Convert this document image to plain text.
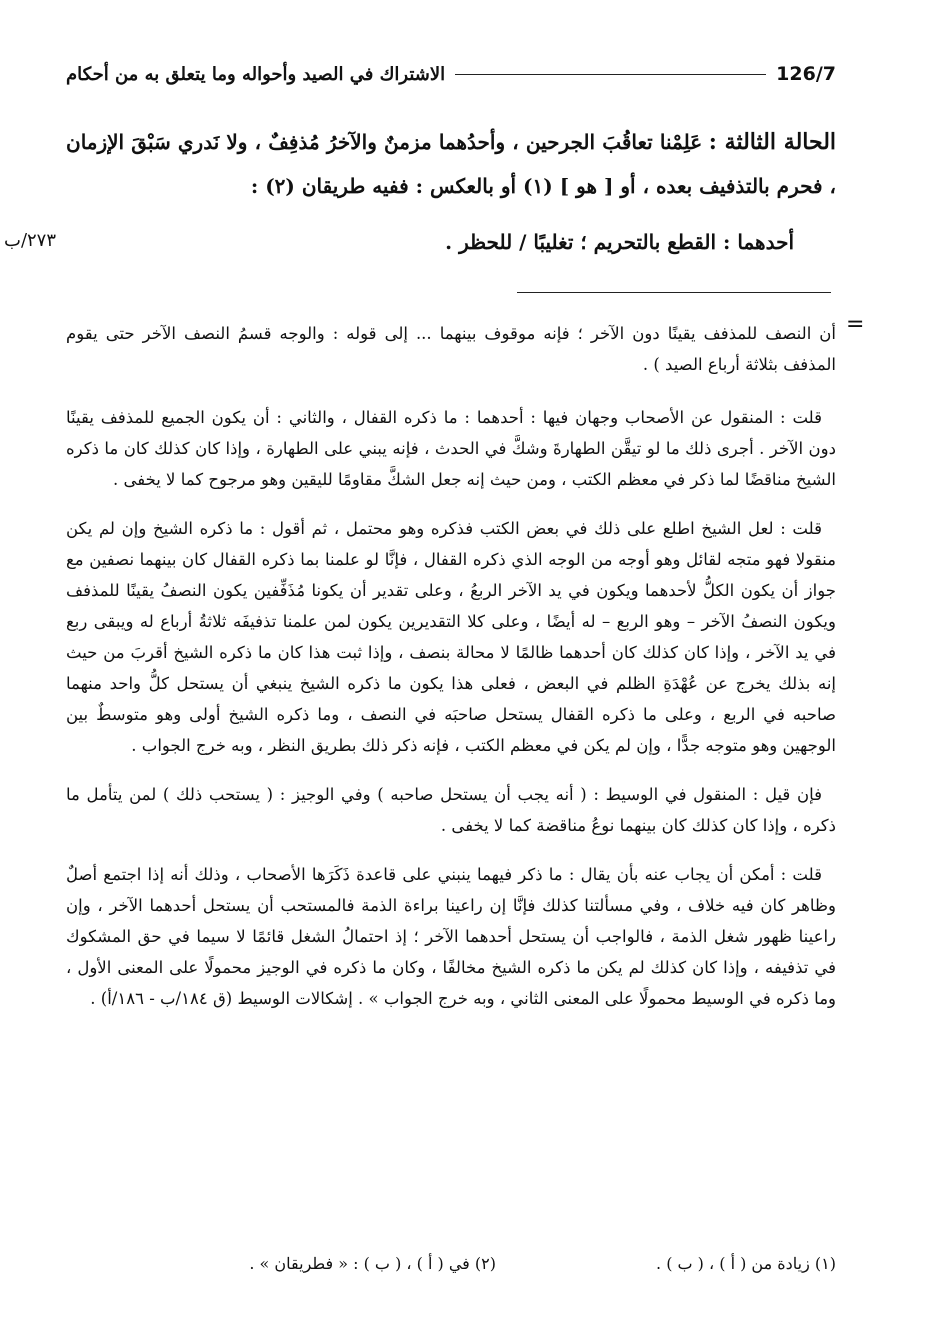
126/7
الاشتراك في الصيد وأحواله وما يتعلق به من أحكام

الحالة الثالثة : عَلِمْنا تعاقُبَ الجرحين ، وأحدُهما مزمنٌ والآخرُ مُذفِفٌ ، ولا نَدري سَبْقَ الإزمان ، فحرم بالتذفيف بعده ، أو [ هو ] (١) أو بالعكس : ففيه طريقان (٢) :

أحدهما : القطع بالتحريم ؛ تغليبًا / للحظر .

٢٧٣/ب
=

أن النصف للمذفف يقينًا دون الآخر ؛ فإنه موقوف بينهما ... إلى قوله : والوجه قسمُ النصف الآخر حتى يقوم المذفف بثلاثة أرباع الصيد ) .

قلت : المنقول عن الأصحاب وجهان فيها : أحدهما : ما ذكره القفال ، والثاني : أن يكون الجميع للمذفف يقينًا دون الآخر . أجرى ذلك ما لو تيقَّن الطهارةَ وشكَّ في الحدث ، فإنه يبني على الطهارة ، وإذا كان كذلك كان ما ذكره الشيخ مناقضًا لما ذكر في معظم الكتب ، ومن حيث إنه جعل الشكَّ مقاومًا لليقين وهو مرجوح كما لا يخفى .

قلت : لعل الشيخ اطلع على ذلك في بعض الكتب فذكره وهو محتمل ، ثم أقول : ما ذكره الشيخ وإن لم يكن منقولا فهو متجه لقائل وهو أوجه من الوجه الذي ذكره القفال ، فإنَّا لو علمنا بما ذكره القفال كان بينهما نصفين مع جواز أن يكون الكلُّ لأحدهما ويكون في يد الآخر الربعُ ، وعلى تقدير أن يكونا مُذَفِّفين يكون النصفُ يقينًا للمذفف ويكون النصفُ الآخر – وهو الربع – له أيضًا ، وعلى كلا التقديرين يكون لمن علمنا تذفيفَه ثلاثةُ أرباع له ويبقى ربع في يد الآخر ، وإذا كان كذلك كان أحدهما ظالمًا لا محالة بنصف ، وإذا ثبت هذا كان ما ذكره الشيخ أقربَ من حيث إنه بذلك يخرج عن عُهْدَةِ الظلم في البعض ، فعلى هذا يكون ما ذكره الشيخ ينبغي أن يستحل كلُّ واحد منهما صاحبه في الربع ، وعلى ما ذكره القفال يستحل صاحبَه في النصف ، وما ذكره الشيخ أولى وهو متوسطٌ بين الوجهين وهو متوجه جدًّا ، وإن لم يكن في معظم الكتب ، فإنه ذكر ذلك بطريق النظر ، وبه خرج الجواب .

فإن قيل : المنقول في الوسيط : ( أنه يجب أن يستحل صاحبه ) وفي الوجيز : ( يستحب ذلك ) لمن يتأمل ما ذكره ، وإذا كان كذلك كان بينهما نوعُ مناقضة كما لا يخفى .

قلت : أمكن أن يجاب عنه بأن يقال : ما ذكر فيهما ينبني على قاعدة ذَكَرَها الأصحاب ، وذلك أنه إذا اجتمع أصلٌ وظاهر كان فيه خلاف ، وفي مسألتنا كذلك فإنَّا إن راعينا براءة الذمة فالمستحب أن يستحل أحدهما الآخر ، وإن راعينا ظهور شغل الذمة ، فالواجب أن يستحل أحدهما الآخر ؛ إذ احتمالُ الشغل قائمًا لا سيما في حق المشكوك في تذفيفه ، وإذا كان كذلك لم يكن ما ذكره الشيخ مخالفًا ، وكان ما ذكره في الوجيز محمولًا على المعنى الأول ، وما ذكره في الوسيط محمولًا على المعنى الثاني ، وبه خرج الجواب » . إشكالات الوسيط (ق ١٨٤/ب - ١٨٦/أ) .

(١) زيادة من ( أ ) ، ( ب ) .
(٢) في ( أ ) ، ( ب ) : « فطريقان » .
